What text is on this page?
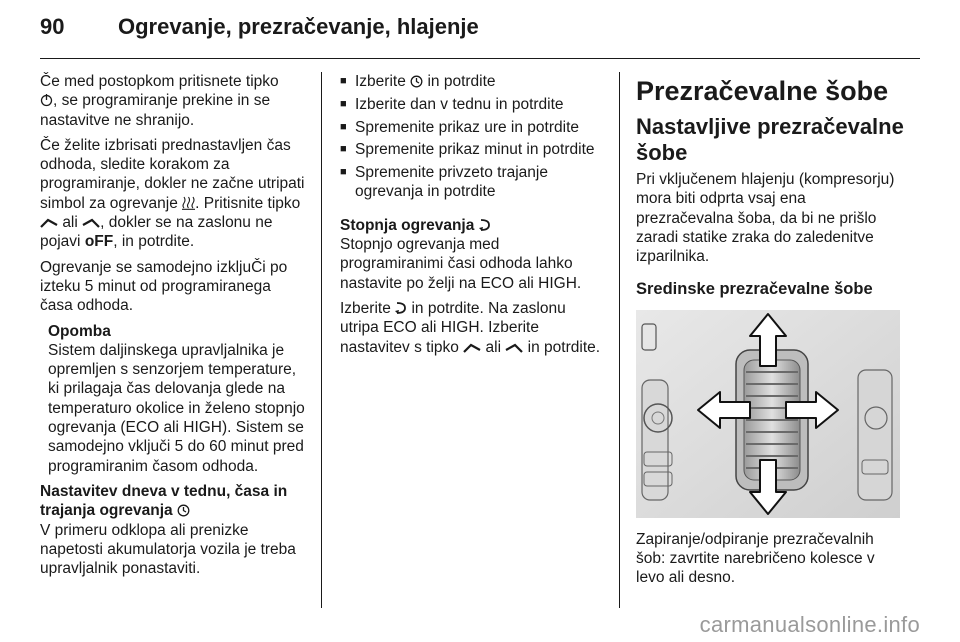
90	Ogrevanje, prezračevanje, hlajenje

Če med postopkom pritisnete tipko
, se programiranje prekine in se nastavitve ne shranijo.

Če želite izbrisati prednastavljen čas odhoda, sledite korakom za programiranje, dokler ne začne utripati simbol za ogrevanje . Pritisnite tipko  ali , dokler se na zaslonu ne pojavi oFF, in potrdite.

Ogrevanje se samodejno izkljuČi po izteku 5 minut od programiranega časa odhoda.

Opomba
Sistem daljinskega upravljalnika je opremljen s senzorjem temperature, ki prilagaja čas delovanja glede na temperaturo okolice in želeno stopnjo ogrevanja (ECO ali HIGH). Sistem se samodejno vključi 5 do 60 minut pred programiranim časom odhoda.
Nastavitev dneva v tednu, časa in trajanja ogrevanja

V primeru odklopa ali prenizke napetosti akumulatorja vozila je treba upravljalnik ponastaviti.

■ Izberite in potrdite
■ Izberite dan v tednu in potrdite
■ Spremenite prikaz ure in potrdite
■ Spremenite prikaz minut in potrdite
■ Spremenite privzeto trajanje ogrevanja in potrdite
Stopnja ogrevanja

Stopnjo ogrevanja med programiranimi časi odhoda lahko nastavite po želji na ECO ali HIGH.

Izberite in potrdite. Na zaslonu utripa ECO ali HIGH. Izberite nastavitev s tipko ali in potrdite.

Prezračevalne šobe
Nastavljive prezračevalne šobe

Pri vključenem hlajenju (kompresorju) mora biti odprta vsaj ena prezračevalna šoba, da bi ne prišlo zaradi statike zraka do zaledenitve izparilnika.

Sredinske prezračevalne šobe

Zapiranje/odpiranje prezračevalnih šob: zavrtite narebričeno kolesce v levo ali desno.

carmanualsonline.info
